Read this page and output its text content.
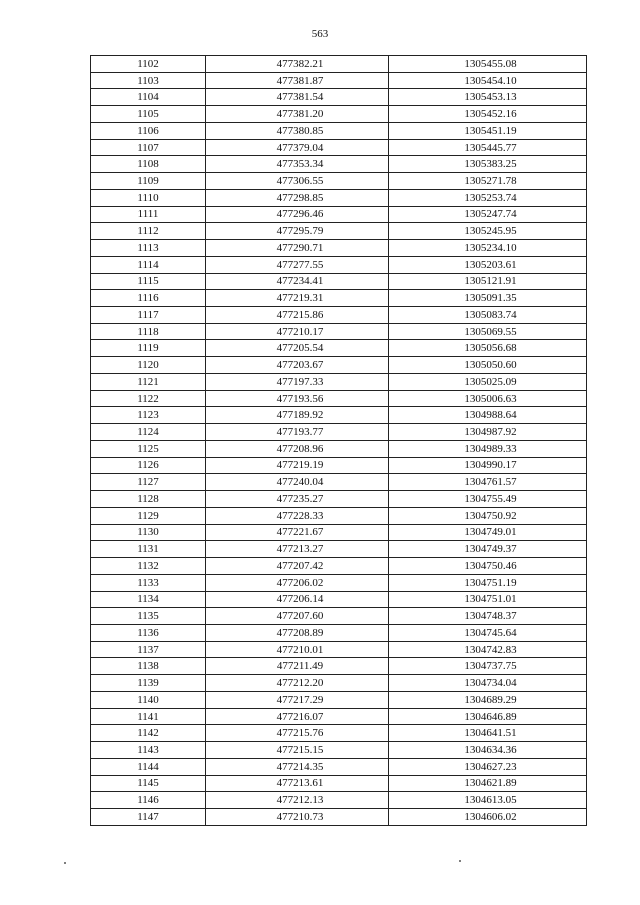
563
1102	477382.21	1305455.08
1103	477381.87	1305454.10
1104	477381.54	1305453.13
1105	477381.20	1305452.16
1106	477380.85	1305451.19
1107	477379.04	1305445.77
1108	477353.34	1305383.25
1109	477306.55	1305271.78
1110	477298.85	1305253.74
1111	477296.46	1305247.74
1112	477295.79	1305245.95
1113	477290.71	1305234.10
1114	477277.55	1305203.61
1115	477234.41	1305121.91
1116	477219.31	1305091.35
1117	477215.86	1305083.74
1118	477210.17	1305069.55
1119	477205.54	1305056.68
1120	477203.67	1305050.60
1121	477197.33	1305025.09
1122	477193.56	1305006.63
1123	477189.92	1304988.64
1124	477193.77	1304987.92
1125	477208.96	1304989.33
1126	477219.19	1304990.17
1127	477240.04	1304761.57
1128	477235.27	1304755.49
1129	477228.33	1304750.92
1130	477221.67	1304749.01
1131	477213.27	1304749.37
1132	477207.42	1304750.46
1133	477206.02	1304751.19
1134	477206.14	1304751.01
1135	477207.60	1304748.37
1136	477208.89	1304745.64
1137	477210.01	1304742.83
1138	477211.49	1304737.75
1139	477212.20	1304734.04
1140	477217.29	1304689.29
1141	477216.07	1304646.89
1142	477215.76	1304641.51
1143	477215.15	1304634.36
1144	477214.35	1304627.23
1145	477213.61	1304621.89
1146	477212.13	1304613.05
1147	477210.73	1304606.02
